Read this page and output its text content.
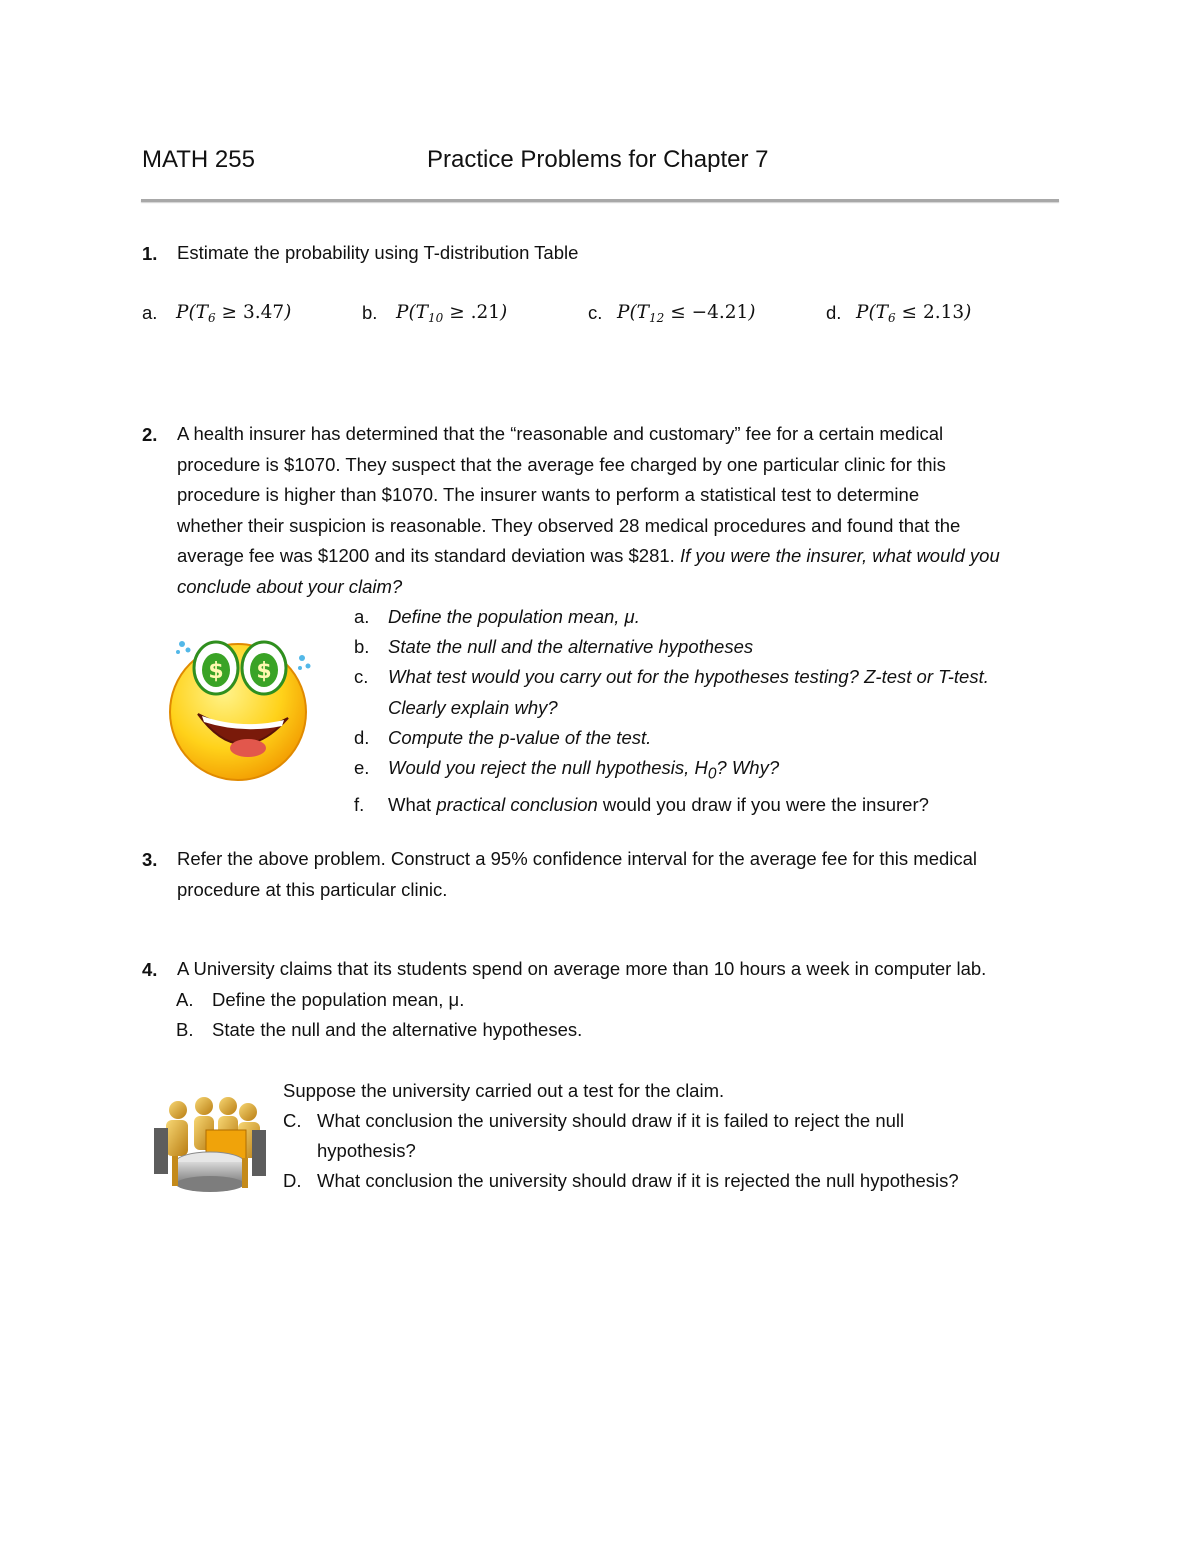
MATH 255	Practice Problems for Chapter 7
1. Estimate the probability using T-distribution Table
a. $P(T_6 \ge 3.47)$	b. $P(T_{10} \ge .21)$	c. $P(T_{12} \le -4.21)$	d. $P(T_6 \le 2.13)$
2. A health insurer has determined that the “reasonable and customary” fee for a certain medical
procedure is $1070. They suspect that the average fee charged by one particular clinic for this
procedure is higher than $1070. The insurer wants to perform a statistical test to determine
whether their suspicion is reasonable. They observed 28 medical procedures and found that the
average fee was $1200 and its standard deviation was $281. If you were the insurer, what would you
conclude about your claim?
$ $
a. Define the population mean, μ.
b. State the null and the alternative hypotheses
c. What test would you carry out for the hypotheses testing? Z-test or T-test.
Clearly explain why?
d. Compute the p-value of the test.
e. Would you reject the null hypothesis, $H_0$? Why?
f. What practical conclusion would you draw if you were the insurer?
3. Refer the above problem. Construct a 95% confidence interval for the average fee for this medical
procedure at this particular clinic.
4. A University claims that its students spend on average more than 10 hours a week in computer lab.
A. Define the population mean, μ.
B. State the null and the alternative hypotheses.
Suppose the university carried out a test for the claim.
C. What conclusion the university should draw if it is failed to reject the null
hypothesis?
D. What conclusion the university should draw if it is rejected the null hypothesis?
